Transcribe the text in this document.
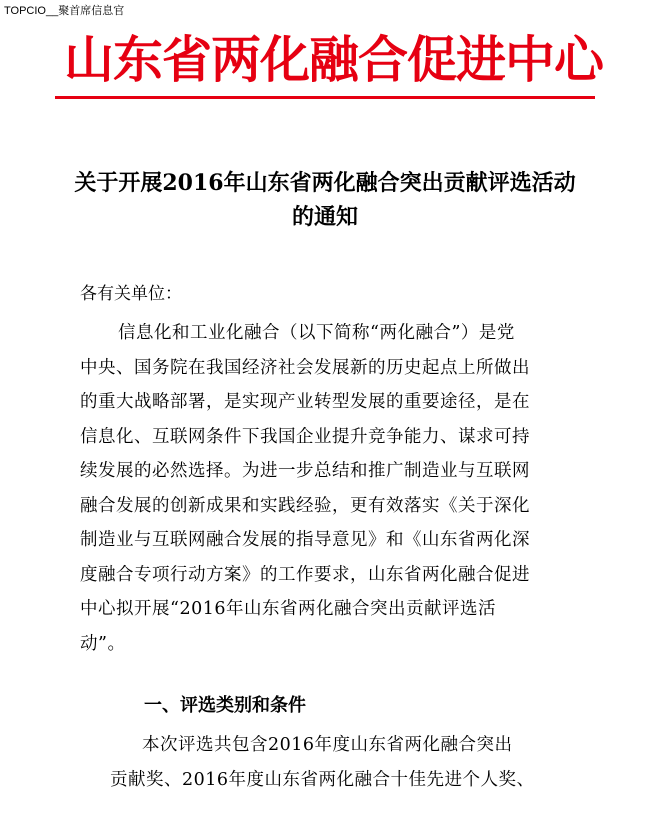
TOPCIO__聚首席信息官
山东省两化融合促进中心
关于开展2016年山东省两化融合突出贡献评选活动
的通知
各有关单位：
信息化和工业化融合（以下简称“两化融合”）是党
中央、国务院在我国经济社会发展新的历史起点上所做出
的重大战略部署，是实现产业转型发展的重要途径，是在
信息化、互联网条件下我国企业提升竞争能力、谋求可持
续发展的必然选择。为进一步总结和推广制造业与互联网
融合发展的创新成果和实践经验，更有效落实《关于深化
制造业与互联网融合发展的指导意见》和《山东省两化深
度融合专项行动方案》的工作要求，山东省两化融合促进
中心拟开展“2016年山东省两化融合突出贡献评选活
动”。
一、评选类别和条件
本次评选共包含2016年度山东省两化融合突出
贡献奖、2016年度山东省两化融合十佳先进个人奖、
